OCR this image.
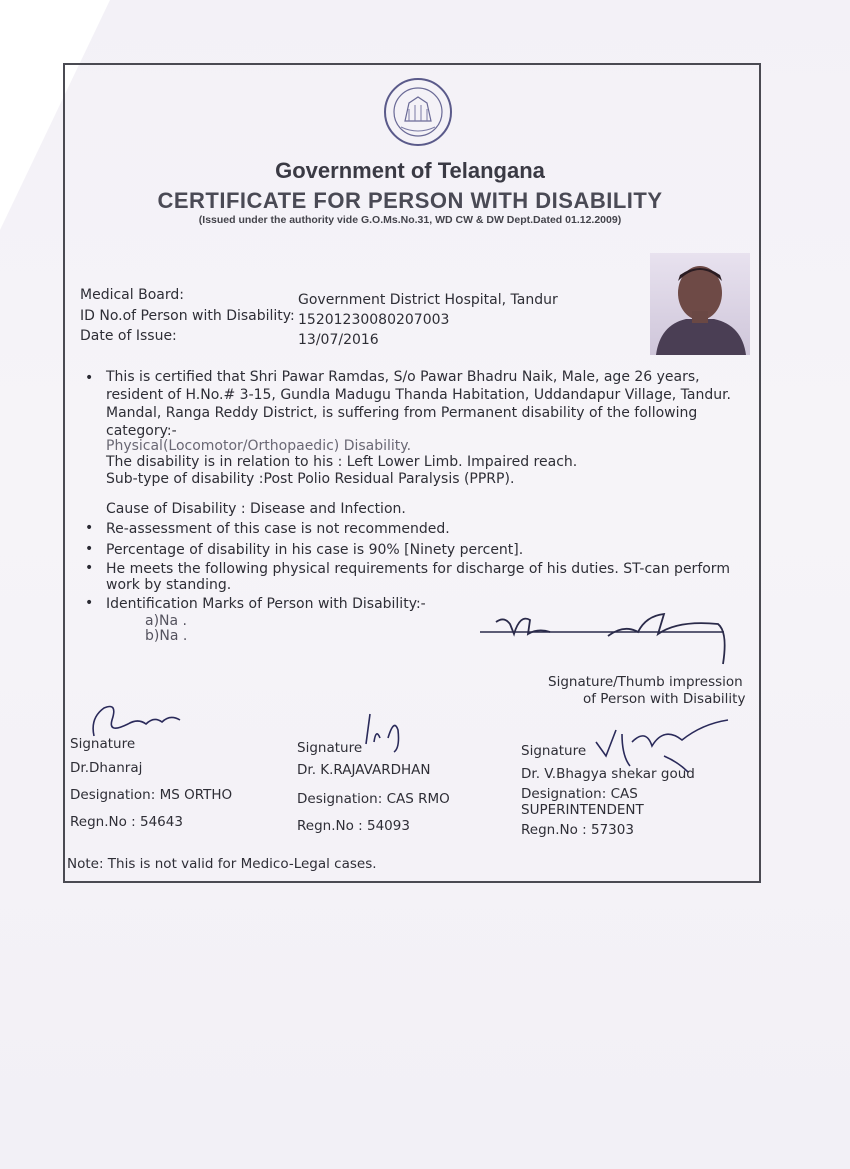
Government of Telangana
CERTIFICATE FOR PERSON WITH DISABILITY
(Issued under the authority vide G.O.Ms.No.31, WD CW & DW Dept.Dated 01.12.2009)
Medical Board:	Government District Hospital, Tandur
ID No.of Person with Disability: 15201230080207003
Date of Issue:	13/07/2016
• This is certified that Shri Pawar Ramdas, S/o Pawar Bhadru Naik, Male, age 26 years,
resident of H.No.# 3-15, Gundla Madugu Thanda Habitation, Uddandapur Village, Tandur.
Mandal, Ranga Reddy District, is suffering from Permanent disability of the following
category:-
Physical(Locomotor/Orthopaedic) Disability.
The disability is in relation to his : Left Lower Limb. Impaired reach.
Sub-type of disability :Post Polio Residual Paralysis (PPRP).
Cause of Disability : Disease and Infection.
• Re-assessment of this case is not recommended.
• Percentage of disability in his case is 90% [Ninety percent].
• He meets the following physical requirements for discharge of his duties. ST-can perform
work by standing.
• Identification Marks of Person with Disability:-
a)Na .
b)Na .
Signature/Thumb impression
of Person with Disability
Signature
Dr.Dhanraj
Designation: MS ORTHO
Regn.No : 54643
Signature
Dr. K.RAJAVARDHAN
Designation: CAS RMO
Regn.No : 54093
Signature
Dr. V.Bhagya shekar goud
Designation: CAS
SUPERINTENDENT
Regn.No : 57303
Note: This is not valid for Medico-Legal cases.
